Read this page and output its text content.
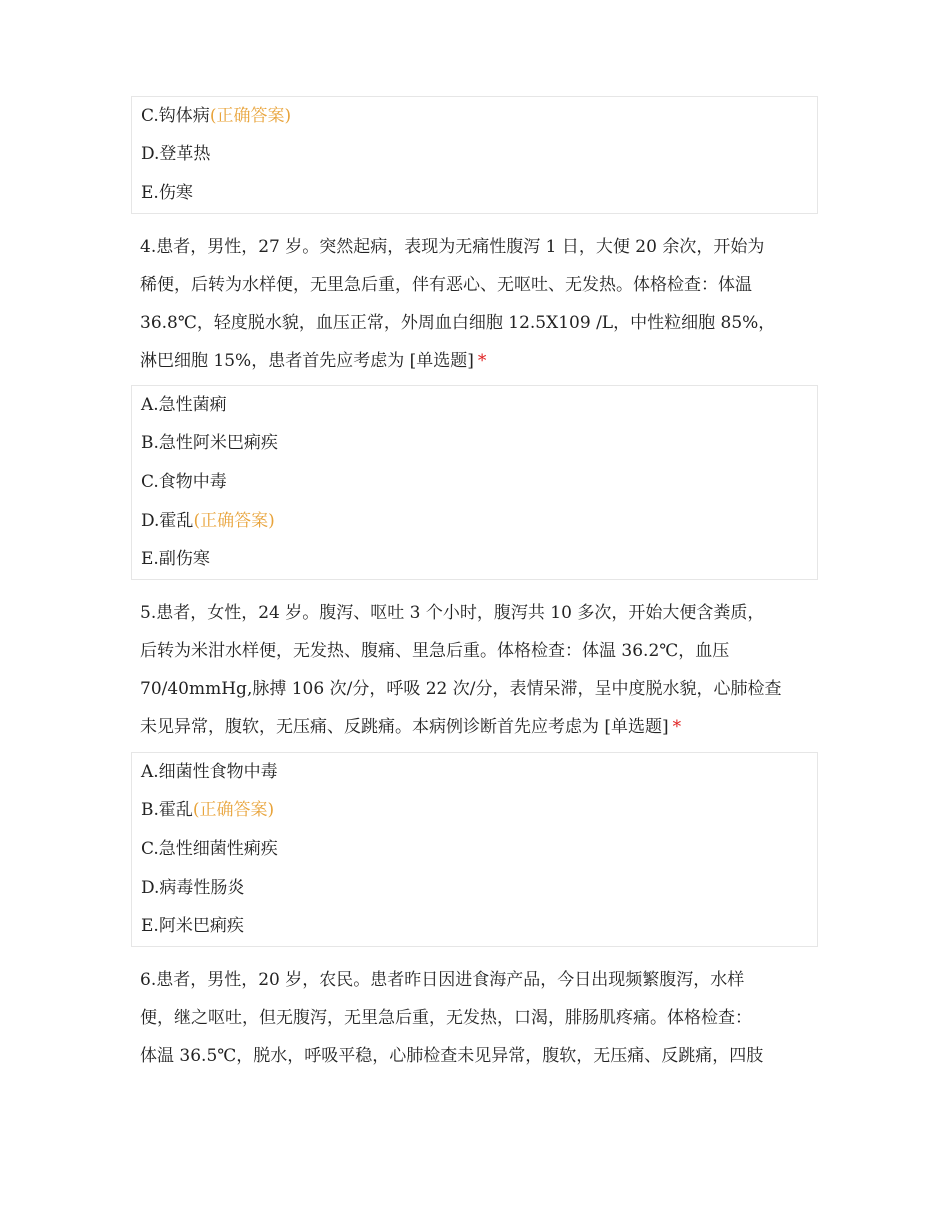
C.钩体病(正确答案)
D.登革热
E.伤寒
4.患者，男性，27 岁。突然起病，表现为无痛性腹泻 1 日，大便 20 余次，开始为
稀便，后转为水样便，无里急后重，伴有恶心、无呕吐、无发热。体格检查：体温
36.8℃，轻度脱水貌，血压正常，外周血白细胞 12.5X109 /L，中性粒细胞 85%，
淋巴细胞 15%，患者首先应考虑为 [单选题] *
A.急性菌痢
B.急性阿米巴痢疾
C.食物中毒
D.霍乱(正确答案)
E.副伤寒
5.患者，女性，24 岁。腹泻、呕吐 3 个小时，腹泻共 10 多次，开始大便含粪质，
后转为米泔水样便，无发热、腹痛、里急后重。体格检查：体温 36.2℃，血压
70/40mmHg,脉搏 106 次/分，呼吸 22 次/分，表情呆滞，呈中度脱水貌，心肺检查
未见异常，腹软，无压痛、反跳痛。本病例诊断首先应考虑为 [单选题] *
A.细菌性食物中毒
B.霍乱(正确答案)
C.急性细菌性痢疾
D.病毒性肠炎
E.阿米巴痢疾
6.患者，男性，20 岁，农民。患者昨日因进食海产品，今日出现频繁腹泻，水样
便，继之呕吐，但无腹泻，无里急后重，无发热，口渴，腓肠肌疼痛。体格检查：
体温 36.5℃，脱水，呼吸平稳，心肺检查未见异常，腹软，无压痛、反跳痛，四肢
